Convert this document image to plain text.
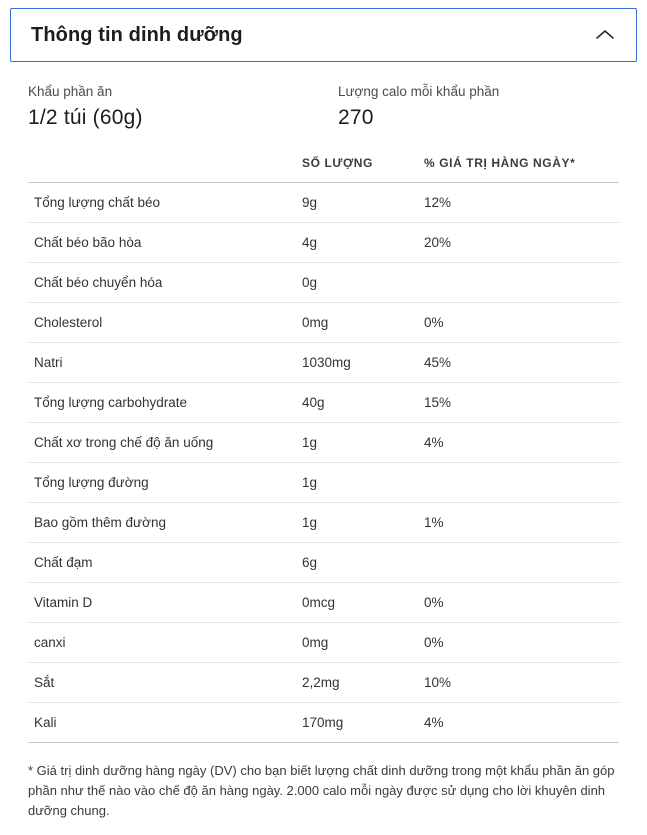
Thông tin dinh dưỡng
Khẩu phần ăn
1/2 túi (60g)
Lượng calo mỗi khẩu phần
270
	SỐ LƯỢNG	% GIÁ TRỊ HÀNG NGÀY*
Tổng lượng chất béo	9g	12%
Chất béo bão hòa	4g	20%
Chất béo chuyển hóa	0g	
Cholesterol	0mg	0%
Natri	1030mg	45%
Tổng lượng carbohydrate	40g	15%
Chất xơ trong chế độ ăn uống	1g	4%
Tổng lượng đường	1g	
Bao gồm thêm đường	1g	1%
Chất đạm	6g	
Vitamin D	0mcg	0%
canxi	0mg	0%
Sắt	2,2mg	10%
Kali	170mg	4%
* Giá trị dinh dưỡng hàng ngày (DV) cho bạn biết lượng chất dinh dưỡng trong một khẩu phần ăn góp phần như thế nào vào chế độ ăn hàng ngày. 2.000 calo mỗi ngày được sử dụng cho lời khuyên dinh dưỡng chung.
